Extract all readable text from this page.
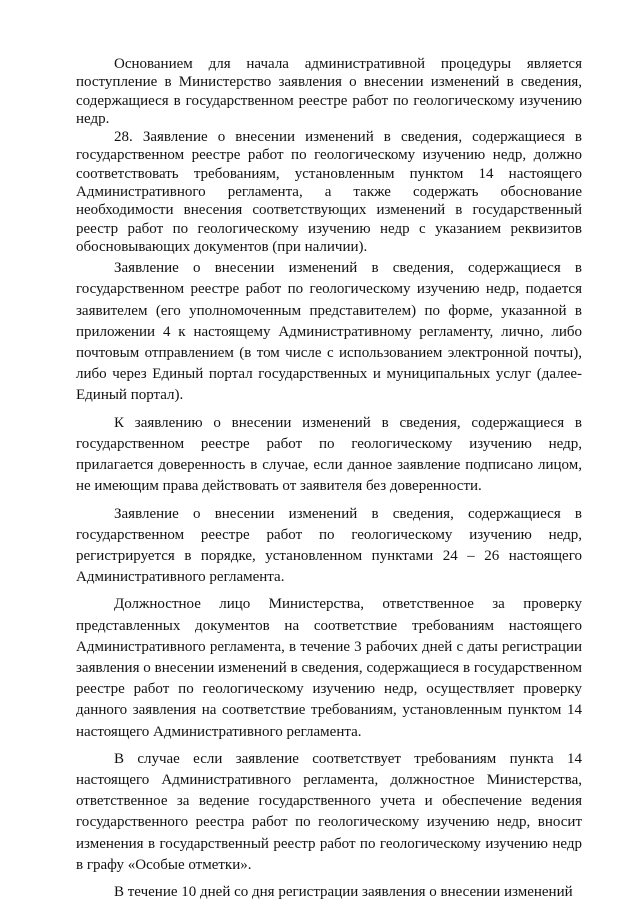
Основанием для начала административной процедуры является поступление в Министерство заявления о внесении изменений в сведения, содержащиеся в государственном реестре работ по геологическому изучению недр.

28. Заявление о внесении изменений в сведения, содержащиеся в государственном реестре работ по геологическому изучению недр, должно соответствовать требованиям, установленным пунктом 14 настоящего Административного регламента, а также содержать обоснование необходимости внесения соответствующих изменений в государственный реестр работ по геологическому изучению недр с указанием реквизитов обосновывающих документов (при наличии).

Заявление о внесении изменений в сведения, содержащиеся в государственном реестре работ по геологическому изучению недр, подается заявителем (его уполномоченным представителем) по форме, указанной в приложении 4 к настоящему Административному регламенту, лично, либо почтовым отправлением (в том числе с использованием электронной почты), либо через Единый портал государственных и муниципальных услуг (далее-Единый портал).

К заявлению о внесении изменений в сведения, содержащиеся в государственном реестре работ по геологическому изучению недр, прилагается доверенность в случае, если данное заявление подписано лицом, не имеющим права действовать от заявителя без доверенности.

Заявление о внесении изменений в сведения, содержащиеся в государственном реестре работ по геологическому изучению недр, регистрируется в порядке, установленном пунктами 24 – 26 настоящего Административного регламента.

Должностное лицо Министерства, ответственное за проверку представленных документов на соответствие требованиям настоящего Административного регламента, в течение 3 рабочих дней с даты регистрации заявления о внесении изменений в сведения, содержащиеся в государственном реестре работ по геологическому изучению недр, осуществляет проверку данного заявления на соответствие требованиям, установленным пунктом 14 настоящего Административного регламента.

В случае если заявление соответствует требованиям пункта 14 настоящего Административного регламента, должностное Министерства, ответственное за ведение государственного учета и обеспечение ведения государственного реестра работ по геологическому изучению недр, вносит изменения в государственный реестр работ по геологическому изучению недр в графу «Особые отметки».

В течение 10 дней со дня регистрации заявления о внесении изменений
